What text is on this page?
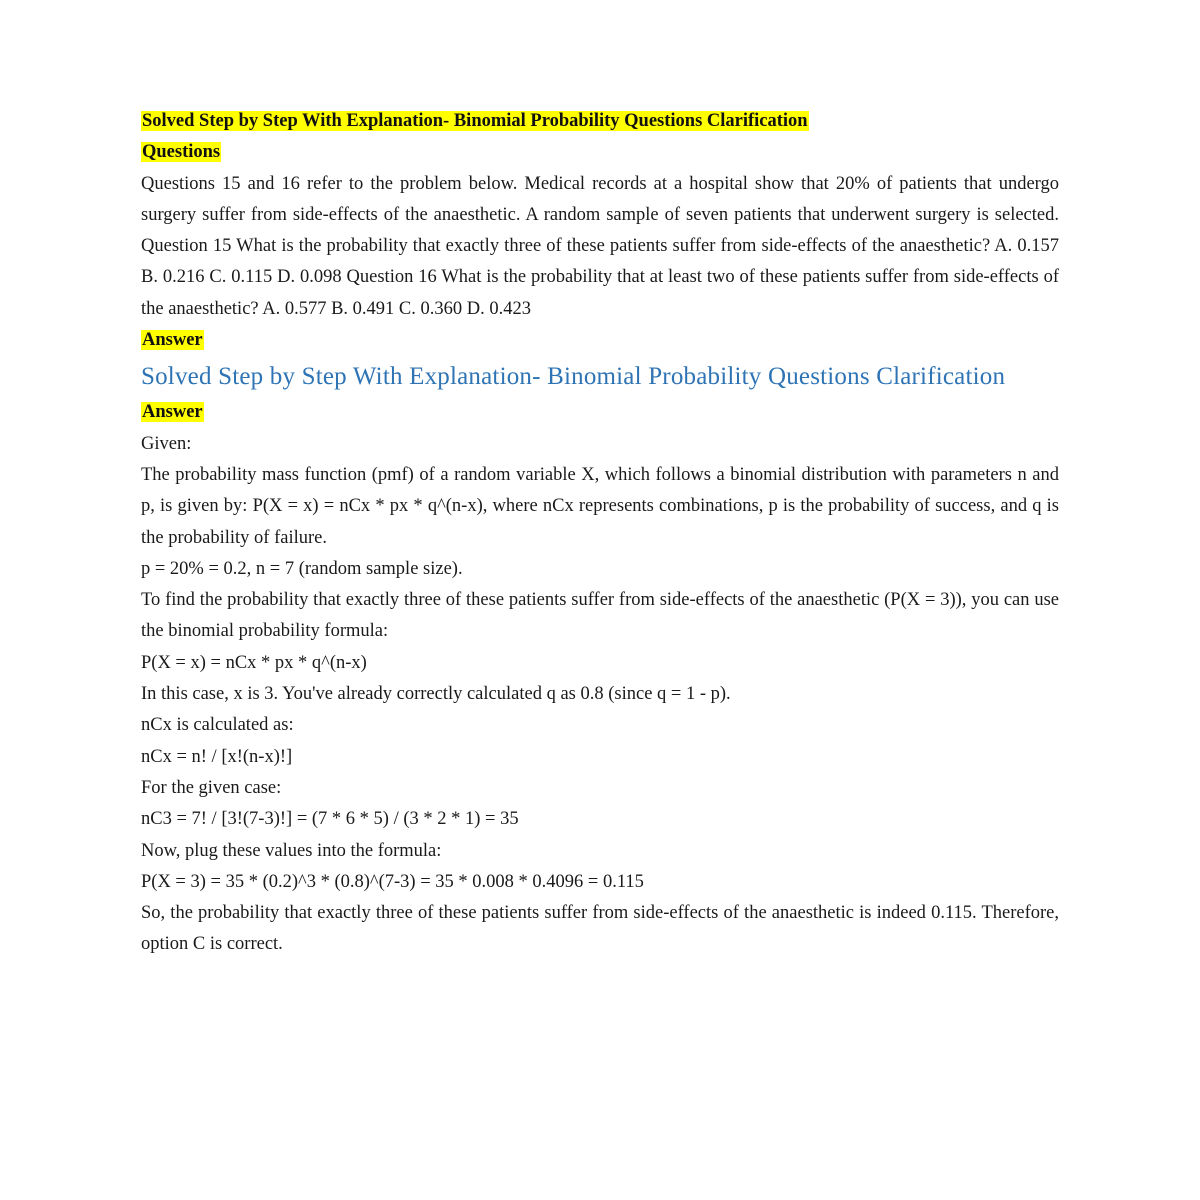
Solved Step by Step With Explanation- Binomial Probability Questions Clarification

Questions

Questions 15 and 16 refer to the problem below. Medical records at a hospital show that 20% of patients that undergo surgery suffer from side-effects of the anaesthetic. A random sample of seven patients that underwent surgery is selected. Question 15 What is the probability that exactly three of these patients suffer from side-effects of the anaesthetic? A. 0.157 B. 0.216 C. 0.115 D. 0.098 Question 16 What is the probability that at least two of these patients suffer from side-effects of the anaesthetic? A. 0.577 B. 0.491 C. 0.360 D. 0.423

Answer

Solved Step by Step With Explanation- Binomial Probability Questions Clarification

Answer

Given:

The probability mass function (pmf) of a random variable X, which follows a binomial distribution with parameters n and p, is given by: P(X = x) = nCx * px * q^(n-x), where nCx represents combinations, p is the probability of success, and q is the probability of failure.

p = 20% = 0.2, n = 7 (random sample size).

To find the probability that exactly three of these patients suffer from side-effects of the anaesthetic (P(X = 3)), you can use the binomial probability formula:

P(X = x) = nCx * px * q^(n-x)

In this case, x is 3. You've already correctly calculated q as 0.8 (since q = 1 - p).

nCx is calculated as:

nCx = n! / [x!(n-x)!]

For the given case:

nC3 = 7! / [3!(7-3)!] = (7 * 6 * 5) / (3 * 2 * 1) = 35

Now, plug these values into the formula:

P(X = 3) = 35 * (0.2)^3 * (0.8)^(7-3) = 35 * 0.008 * 0.4096 = 0.115

So, the probability that exactly three of these patients suffer from side-effects of the anaesthetic is indeed 0.115. Therefore, option C is correct.
